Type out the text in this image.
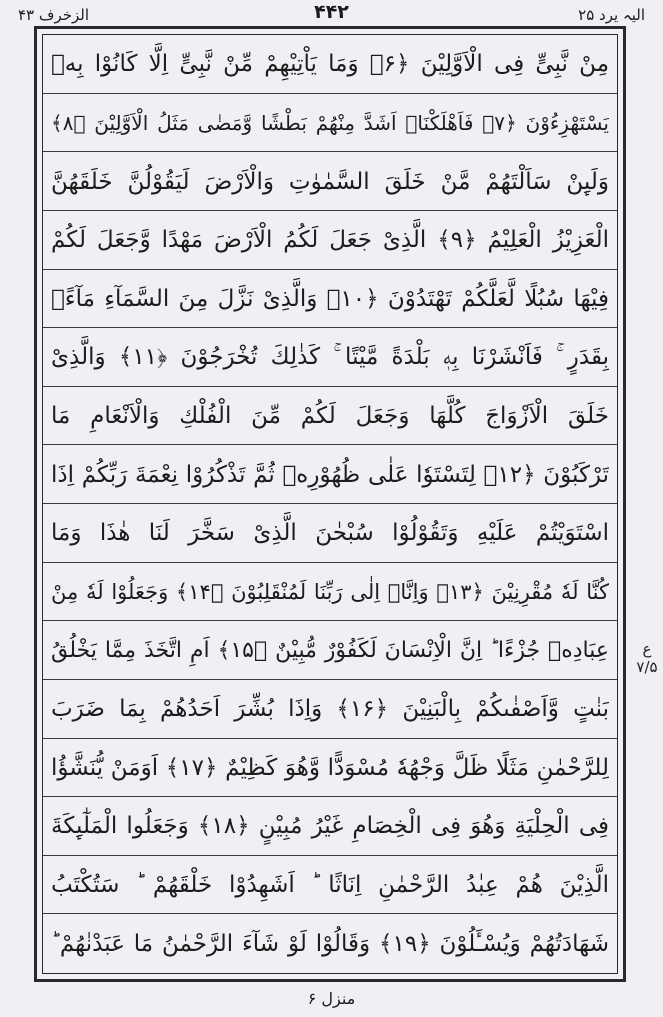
الزخرف ۴۳	۴۴۲	الیہ یرد ۲۵
مِنْ نَّبِیٍّ فِی الْاَوَّلِیْنَ ﴿۶﴾ وَمَا یَاْتِیْهِمْ مِّنْ نَّبِیٍّ اِلَّا كَانُوْا بِهٖ
یَسْتَهْزِءُوْنَ ﴿۷﴾ فَاَهْلَكْنَاۤ اَشَدَّ مِنْهُمْ بَطْشًا وَّمَضٰى مَثَلُ الْاَوَّلِیْنَ ﴿۸﴾
وَلَىِٕنْ سَاَلْتَهُمْ مَّنْ خَلَقَ السَّمٰوٰتِ وَالْاَرْضَ لَیَقُوْلُنَّ خَلَقَهُنَّ
الْعَزِیْزُ الْعَلِیْمُ ﴿۹﴾ الَّذِیْ جَعَلَ لَكُمُ الْاَرْضَ مَهْدًا وَّجَعَلَ لَكُمْ
فِیْهَا سُبُلًا لَّعَلَّكُمْ تَهْتَدُوْنَ ﴿۱۰﴾ وَالَّذِیْ نَزَّلَ مِنَ السَّمَآءِ مَآءًۢ
بِقَدَرٍ ۚ فَاَنْشَرْنَا بِهٖ بَلْدَةً مَّیْتًا ۚ كَذٰلِكَ تُخْرَجُوْنَ ﴿۱۱﴾ وَالَّذِیْ
خَلَقَ الْاَزْوَاجَ كُلَّهَا وَجَعَلَ لَكُمْ مِّنَ الْفُلْكِ وَالْاَنْعَامِ مَا
تَرْكَبُوْنَ ﴿۱۲﴾ لِتَسْتَوٗا عَلٰى ظُهُوْرِهٖ ثُمَّ تَذْكُرُوْا نِعْمَةَ رَبِّكُمْ اِذَا
اسْتَوَیْتُمْ عَلَیْهِ وَتَقُوْلُوْا سُبْحٰنَ الَّذِیْ سَخَّرَ لَنَا هٰذَا وَمَا
كُنَّا لَهٗ مُقْرِنِیْنَ ﴿۱۳﴾ وَاِنَّاۤ اِلٰى رَبِّنَا لَمُنْقَلِبُوْنَ ﴿۱۴﴾ وَجَعَلُوْا لَهٗ مِنْ
عِبَادِهٖ جُزْءًا ؕ اِنَّ الْاِنْسَانَ لَكَفُوْرٌ مُّبِیْنٌ ﴿۱۵﴾ اَمِ اتَّخَذَ مِمَّا یَخْلُقُ
بَنٰتٍ وَّاَصْفٰىكُمْ بِالْبَنِیْنَ ﴿۱۶﴾ وَاِذَا بُشِّرَ اَحَدُهُمْ بِمَا ضَرَبَ
لِلرَّحْمٰنِ مَثَلًا ظَلَّ وَجْهُهٗ مُسْوَدًّا وَّهُوَ كَظِیْمٌ ﴿۱۷﴾ اَوَمَنْ یُّنَشَّؤُا
فِی الْحِلْیَةِ وَهُوَ فِی الْخِصَامِ غَیْرُ مُبِیْنٍ ﴿۱۸﴾ وَجَعَلُوا الْمَلٰٓىِٕكَةَ
الَّذِیْنَ هُمْ عِبٰدُ الرَّحْمٰنِ اِنَاثًا ؕ اَشَهِدُوْا خَلْقَهُمْ ؕ سَتُكْتَبُ
شَهَادَتُهُمْ وَیُسْـَٔلُوْنَ ﴿۱۹﴾ وَقَالُوْا لَوْ شَآءَ الرَّحْمٰنُ مَا عَبَدْنٰهُمْ ؕ
ع ۷/۵
منزل ۶
